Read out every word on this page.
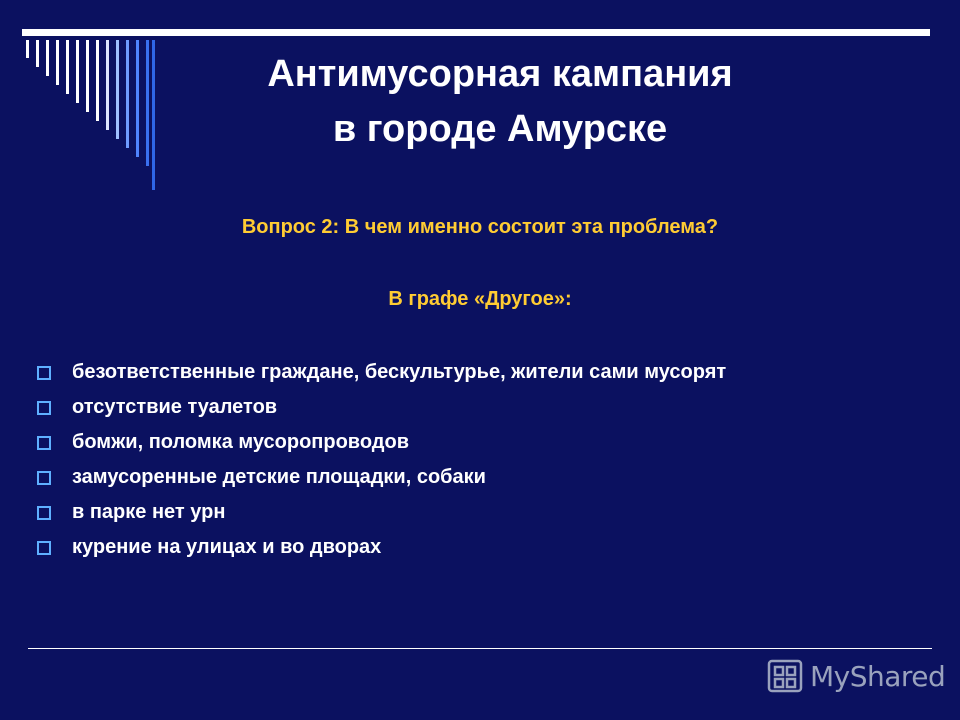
Антимусорная кампания
в городе Амурске

Вопрос 2: В чем именно состоит эта проблема?

В графе «Другое»:

безответственные граждане, бескультурье, жители сами мусорят
отсутствие туалетов
бомжи, поломка мусоропроводов
замусоренные детские площадки, собаки
в парке нет урн
курение на улицах и во дворах
MyShared
